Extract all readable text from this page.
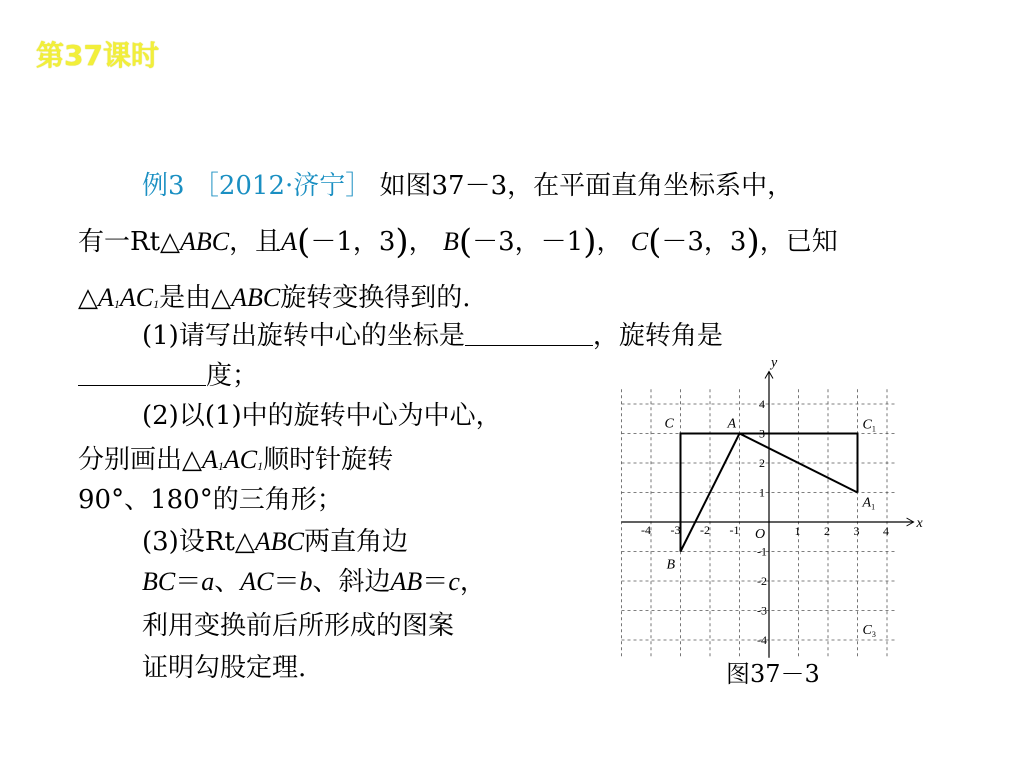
第37课时
例3 ［2012·济宁］ 如图37－3，在平面直角坐标系中，
有一Rt△ABC，且A(－1，3)， B(－3，－1)， C(－3，3)，已知
△A1AC1是由△ABC旋转变换得到的.
(1)请写出旋转中心的坐标是	，旋转角是
度；
(2)以(1)中的旋转中心为中心，
分别画出△A1AC1顺时针旋转
90°、180°的三角形；
(3)设Rt△ABC两直角边
BC＝a、AC＝b、斜边AB＝c，
利用变换前后所形成的图案
证明勾股定理.
x
y
O
-4 -3 -2 -1	1 2 3 4
4
3
2
1
-1
-2
-3
-4
C	A
B
$C_1$
$A_1$
$C_3$
图37－3
